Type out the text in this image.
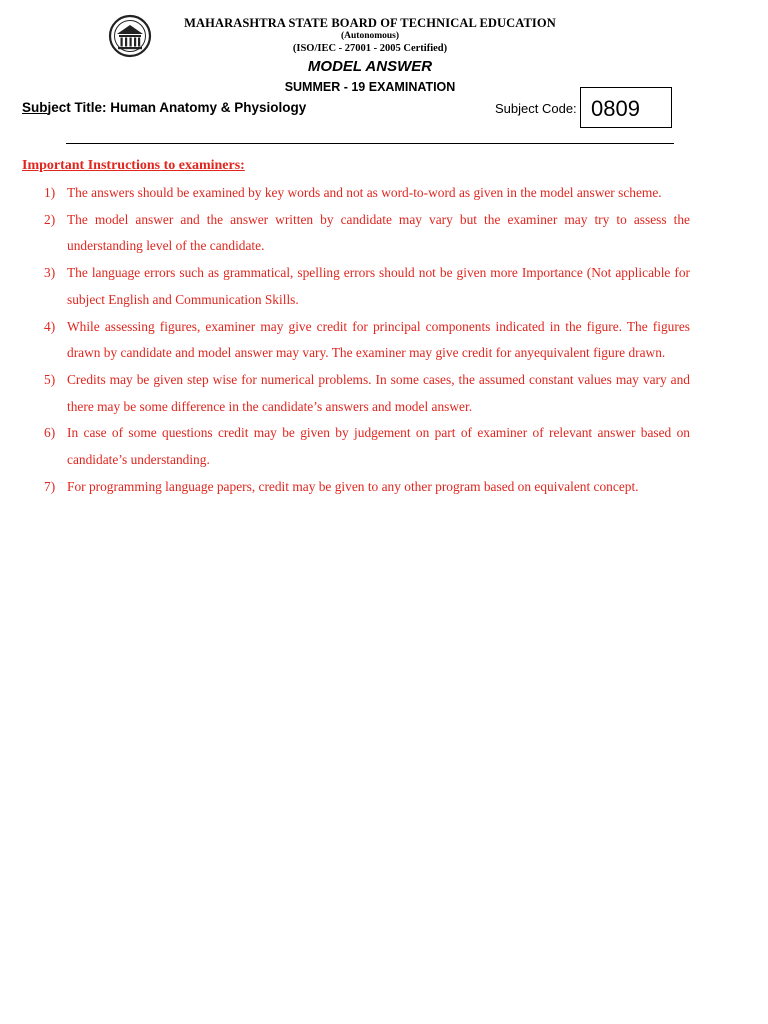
MAHARASHTRA STATE BOARD OF TECHNICAL EDUCATION
(Autonomous)
(ISO/IEC - 27001 - 2005 Certified)
MODEL ANSWER
SUMMER - 19 EXAMINATION
Subject Title: Human Anatomy & Physiology	Subject Code: 0809
Important Instructions to examiners:
1) The answers should be examined by key words and not as word-to-word as given in the model answer scheme.
2) The model answer and the answer written by candidate may vary but the examiner may try to assess the understanding level of the candidate.
3) The language errors such as grammatical, spelling errors should not be given more Importance (Not applicable for subject English and Communication Skills.
4) While assessing figures, examiner may give credit for principal components indicated in the figure. The figures drawn by candidate and model answer may vary. The examiner may give credit for anyequivalent figure drawn.
5) Credits may be given step wise for numerical problems. In some cases, the assumed constant values may vary and there may be some difference in the candidate’s answers and model answer.
6) In case of some questions credit may be given by judgement on part of examiner of relevant answer based on candidate’s understanding.
7) For programming language papers, credit may be given to any other program based on equivalent concept.
